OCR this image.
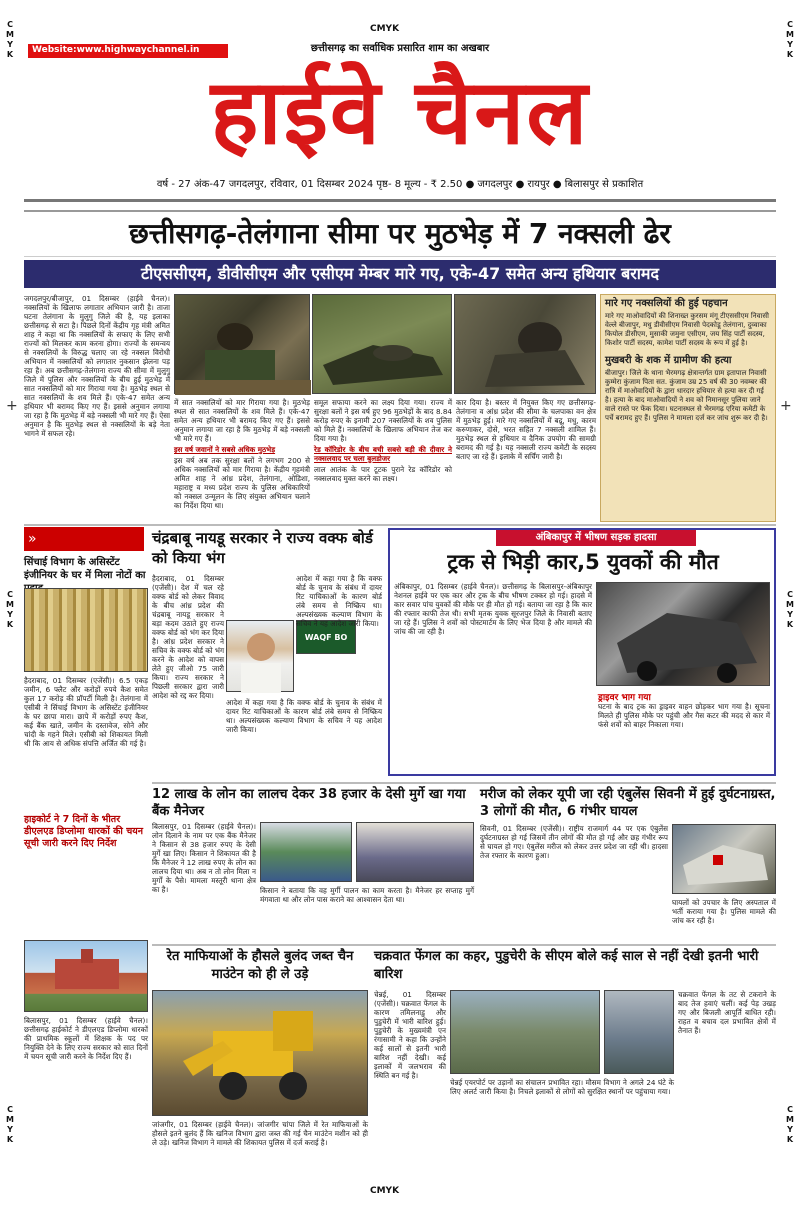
CMYK
CMYK
C
M
Y
K
C
M
Y
K
C
M
Y
K
C
M
Y
K
C
M
Y
K
C
M
Y
K
+	+
Website:www.highwaychannel.in	छत्तीसगढ़ का सर्वाधिक प्रसारित शाम का अखबार
हाईवे चैनल
वर्ष - 27 अंक-47 जगदलपुर, रविवार, 01 दिसम्बर 2024 पृष्ठ- 8 मूल्य - ₹ 2.50 ● जगदलपुर ● रायपुर ● बिलासपुर से प्रकाशित
छत्तीसगढ़-तेलंगाना सीमा पर मुठभेड़ में 7 नक्सली ढेर
टीएससीएम, डीवीसीएम और एसीएम मेम्बर मारे गए, एके-47 समेत अन्य हथियार बरामद
जगदलपुर/बीजापुर, 01 दिसम्बर (हाईवे चैनल)। नक्सलियों के खिलाफ लगातार अभियान जारी है। ताजा घटना तेलंगाना के मुलुगु जिले की है, यह इलाका छत्तीसगढ़ से सटा है। पिछले दिनों केंद्रीय गृह मंत्री अमित शाह ने कहा था कि नक्सलियों के सफाए के लिए सभी राज्यों को मिलकर काम करना होगा। राज्यों के समन्वय से नक्सलियों के विरुद्ध चलाए जा रहे नक्सल विरोधी अभियान में नक्सलियों को लगातार नुकसान झेलना पड़ रहा है। अब छत्तीसगढ़-तेलंगाना राज्य की सीमा में मुलुगु जिले में पुलिस और नक्सलियों के बीच हुई मुठभेड़ में सात नक्सलियों को मार गिराया गया है। मुठभेड़ स्थल से सात नक्सलियों के शव मिले हैं। एके-47 समेत अन्य हथियार भी बरामद किए गए हैं। इससे अनुमान लगाया जा रहा है कि मुठभेड़ में बड़े नक्सली भी मारे गए हैं। ऐसा अनुमान है कि मुठभेड़ स्थल से नक्सलियों के बड़े नेता भागने में सफल रहे।
में सात नक्सलियों को मार गिराया गया है। मुठभेड़ स्थल से सात नक्सलियों के शव मिले हैं। एके-47 समेत अन्य हथियार भी बरामद किए गए हैं। इससे अनुमान लगाया जा रहा है कि मुठभेड़ में बड़े नक्सली भी मारे गए हैं।
इस वर्ष जवानों ने सबसे अधिक मुठभेड़
इस वर्ष अब तक सुरक्षा बलों ने लगभग 200 से अधिक नक्सलियों को मार गिराया है। केंद्रीय गृहमंत्री अमित शाह ने आंध्र प्रदेश, तेलंगाना, ओडिशा, महाराष्ट्र व मध्य प्रदेश राज्य के पुलिस अधिकारियों को नक्सल उन्मूलन के लिए संयुक्त अभियान चलाने का निर्देश दिया था।
समूल सफाया करने का लक्ष्य दिया गया। राज्य में सुरक्षा बलों ने इस वर्ष हुए 96 मुठभेड़ों के बाद 8.84 करोड़ रुपए के इनामी 207 नक्सलियों के शव पुलिस को मिले हैं। नक्सलियों के खिलाफ अभियान तेज कर दिया गया है।
रेड कॉरिडोर के बीच बची सबसे बड़ी की दीवार ने नक्सलवाद पर चला बुलडोजर
लाल आतंक के पार टूटक पुराने रेड कॉरिडोर को नक्सलवाद मुक्त करने का लक्ष्य।
कार दिया है। बस्तर में नियुक्त किए गए छत्तीसगढ़-तेलंगाना व आंध्र प्रदेश की सीमा के चलपाका वन क्षेत्र में मुठभेड़ हुई। मारे गए नक्सलियों में बद्रू, मधु, कारम करुणाकर, दोसे, भरत सहित 7 नक्सली शामिल हैं। मुठभेड़ स्थल से हथियार व दैनिक उपयोग की सामग्री बरामद की गई है। यह नक्सली राज्य कमेटी के सदस्य बताए जा रहे हैं। इलाके में सर्चिंग जारी है।
मारे गए नक्सलियों की हुई पहचान
मारे गए माओवादियों की शिनाख्त कुरसम मंगू टीएससीएम निवासी वेल्ले बीजापुर, मधु डीवीसीएम निवासी पेदकोडू तेलंगाना, दुव्वाका कियोल डीसीएम, मुसाकी जमुना एसीएम, जय सिंह पार्टी सदस्य, किशोर पार्टी सदस्य, कामेश पार्टी सदस्य के रूप में हुई है।
मुखबरी के शक में ग्रामीण की हत्या
बीजापुर। जिले के थाना भैरमगढ़ क्षेत्रान्तर्गत ग्राम इतापाल निवासी कुम्मेरा कुंजाम पिता सत. कुंजाम उम्र 25 वर्ष की 30 नवम्बर की रात्रि में माओवादियों के द्वारा धारदार हथियार से हत्या कर दी गई है। हत्या के बाद माओवादियों ने शव को निमानसूर पुलिया जाने वाले रास्ते पर फेंक दिया। घटनास्थल से भैरमगढ़ एरिया कमेटी के पर्चे बरामद हुए हैं। पुलिस ने मामला दर्ज कर जांच शुरू कर दी है।
»
सिंचाई विभाग के असिस्टेंट इंजीनियर के घर में मिला नोटों का
हैदराबाद, 01 दिसम्बर (एजेंसी)। 6.5 एकड़ जमीन, 6 फ्लैट और करोड़ों रुपये कैश समेत कुल 17 करोड़ की प्रॉपर्टी मिली है। तेलंगाना में एसीबी ने सिंचाई विभाग के असिस्टेंट इंजीनियर के घर छापा मारा। छापे में करोड़ों रुपए कैश, कई बैंक खाते, जमीन के दस्तावेज, सोने और चांदी के गहने मिले। एसीबी को शिकायत मिली थी कि आय से अधिक संपत्ति अर्जित की गई है।
हाइकोर्ट ने 7 दिनों के भीतर डीएलएड डिप्लोमा धारकों की चयन सूची जारी करने दिए निर्देश
बिलासपुर, 01 दिसम्बर (हाईवे चैनल)। छत्तीसगढ़ हाईकोर्ट ने डीएलएड डिप्लोमा धारकों की प्राथमिक स्कूलों में शिक्षक के पद पर नियुक्ति देने के लिए राज्य सरकार को सात दिनों में चयन सूची जारी करने के निर्देश दिए हैं।
चंद्रबाबू नायडू सरकार ने राज्य वक्फ बोर्ड को किया भंग
हैदराबाद, 01 दिसम्बर (एजेंसी)। देश में चल रहे वक्फ बोर्ड को लेकर विवाद के बीच आंध्र प्रदेश की चंद्रबाबू नायडू सरकार ने बड़ा कदम उठाते हुए राज्य वक्फ बोर्ड को भंग कर दिया है। आंध्र प्रदेश सरकार ने सचिव के वक्फ बोर्ड को भंग करने के आदेश को वापस लेते हुए जीओ 75 जारी किया। राज्य सरकार ने पिछली सरकार द्वारा जारी आदेश को रद्द कर दिया।
WAQF BO
आदेश में कहा गया है कि वक्फ बोर्ड के चुनाव के संबंध में दायर रिट याचिकाओं के कारण बोर्ड लंबे समय से निष्क्रिय था। अल्पसंख्यक कल्याण विभाग के सचिव ने यह आदेश जारी किया।
आदेश में कहा गया है कि वक्फ बोर्ड के चुनाव के संबंध में दायर रिट याचिकाओं के कारण बोर्ड लंबे समय से निष्क्रिय था। अल्पसंख्यक कल्याण विभाग के सचिव ने यह आदेश जारी किया।
अंबिकापुर में भीषण सड़क हादसा
ट्रक से भिड़ी कार,5 युवकों की मौत
अंबिकापुर, 01 दिसम्बर (हाईवे चैनल)। छत्तीसगढ़ के बिलासपुर-अंबिकापुर नेशनल हाईवे पर एक कार और ट्रक के बीच भीषण टक्कर हो गई। हादसे में कार सवार पांच युवकों की मौके पर ही मौत हो गई। बताया जा रहा है कि कार की रफ्तार काफी तेज थी। सभी मृतक युवक सूरजपुर जिले के निवासी बताए जा रहे हैं। पुलिस ने शवों को पोस्टमार्टम के लिए भेज दिया है और मामले की जांच की जा रही है।
ड्राइवर भाग गया
घटना के बाद ट्रक का ड्राइवर वाहन छोड़कर भाग गया है। सूचना मिलते ही पुलिस मौके पर पहुंची और गैस कटर की मदद से कार में फंसे शवों को बाहर निकाला गया।
12 लाख के लोन का लालच देकर 38 हजार के देसी मुर्गे खा गया बैंक मैनेजर
बिलासपुर, 01 दिसम्बर (हाईवे चैनल)। लोन दिलाने के नाम पर एक बैंक मैनेजर ने किसान से 38 हजार रुपए के देसी मुर्गे खा लिए। किसान ने शिकायत की है कि मैनेजर ने 12 लाख रुपए के लोन का लालच दिया था। अब न तो लोन मिला न मुर्गों के पैसे। मामला मस्तूरी थाना क्षेत्र का है।	किसान ने बताया कि वह मुर्गी पालन का काम करता है। मैनेजर हर सप्ताह मुर्गे मंगवाता था और लोन पास कराने का आश्वासन देता था।
मरीज को लेकर यूपी जा रही एंबुलेंस सिवनी में हुई दुर्घटनाग्रस्त, 3 लोगों की मौत, 6 गंभीर घायल
सिवनी, 01 दिसम्बर (एजेंसी)। राष्ट्रीय राजमार्ग 44 पर एक एंबुलेंस दुर्घटनाग्रस्त हो गई जिसमें तीन लोगों की मौत हो गई और छह गंभीर रूप से घायल हो गए। एंबुलेंस मरीज को लेकर उत्तर प्रदेश जा रही थी। हादसा तेज रफ्तार के कारण हुआ।
घायलों को उपचार के लिए अस्पताल में भर्ती कराया गया है। पुलिस मामले की जांच कर रही है।
रेत माफियाओं के हौसले बुलंद जब्त चैन माउंटेन को ही ले उड़े
जांजगीर, 01 दिसम्बर (हाईवे चैनल)। जांजगीर चांपा जिले में रेत माफियाओं के हौसले इतने बुलंद हैं कि खनिज विभाग द्वारा जब्त की गई चैन माउंटेन मशीन को ही ले उड़े। खनिज विभाग ने मामले की शिकायत पुलिस में दर्ज कराई है।
चक्रवात फेंगल का कहर, पुडुचेरी के सीएम बोले कई साल से नहीं देखी इतनी भारी बारिश
चेन्नई, 01 दिसम्बर (एजेंसी)। चक्रवात फेंगल के कारण तमिलनाडु और पुडुचेरी में भारी बारिश हुई। पुडुचेरी के मुख्यमंत्री एन रंगासामी ने कहा कि उन्होंने कई सालों से इतनी भारी बारिश नहीं देखी। कई इलाकों में जलभराव की स्थिति बन गई है।
चेन्नई एयरपोर्ट पर उड़ानों का संचालन प्रभावित रहा। मौसम विभाग ने अगले 24 घंटे के लिए अलर्ट जारी किया है। निचले इलाकों से लोगों को सुरक्षित स्थानों पर पहुंचाया गया।
चक्रवात फेंगल के तट से टकराने के बाद तेज हवाएं चलीं। कई पेड़ उखड़ गए और बिजली आपूर्ति बाधित रही। राहत व बचाव दल प्रभावित क्षेत्रों में तैनात हैं।
